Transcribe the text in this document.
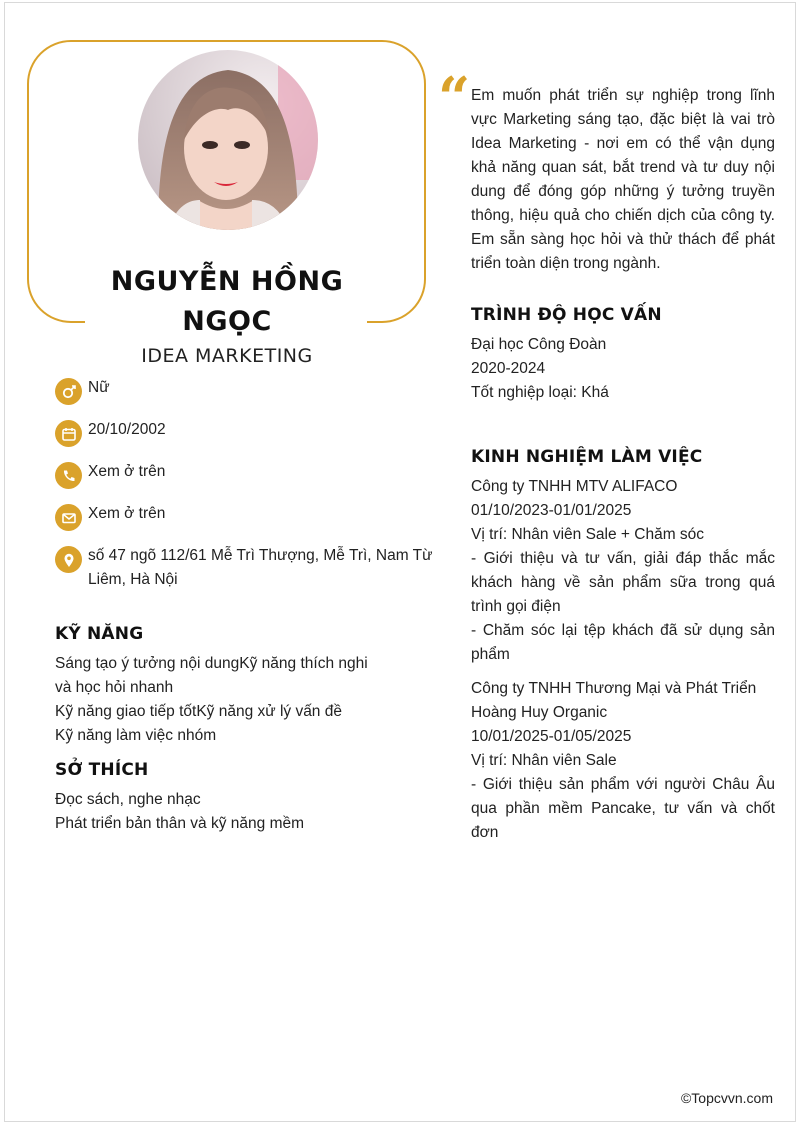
NGUYỄN HỒNG
NGỌC
IDEA MARKETING
Nữ
20/10/2002
Xem ở trên
Xem ở trên
số 47 ngõ 112/61 Mễ Trì Thượng, Mễ Trì, Nam Từ Liêm, Hà Nội
KỸ NĂNG
Sáng tạo ý tưởng nội dungKỹ năng thích nghi
và học hỏi nhanh
Kỹ năng giao tiếp tốtKỹ năng xử lý vấn đề
Kỹ năng làm việc nhóm
SỞ THÍCH
Đọc sách, nghe nhạc
Phát triển bản thân và kỹ năng mềm
“ Em muốn phát triển sự nghiệp trong lĩnh vực Marketing sáng tạo, đặc biệt là vai trò Idea Marketing - nơi em có thể vận dụng khả năng quan sát, bắt trend và tư duy nội dung để đóng góp những ý tưởng truyền thông, hiệu quả cho chiến dịch của công ty. Em sẵn sàng học hỏi và thử thách để phát triển toàn diện trong ngành.
TRÌNH ĐỘ HỌC VẤN
Đại học Công Đoàn
2020-2024
Tốt nghiệp loại: Khá
KINH NGHIỆM LÀM VIỆC
Công ty TNHH MTV ALIFACO
01/10/2023-01/01/2025
Vị trí: Nhân viên Sale + Chăm sóc
- Giới thiệu và tư vấn, giải đáp thắc mắc khách hàng về sản phẩm sữa trong quá trình gọi điện
- Chăm sóc lại tệp khách đã sử dụng sản phẩm
Công ty TNHH Thương Mại và Phát Triển Hoàng Huy Organic
10/01/2025-01/05/2025
Vị trí: Nhân viên Sale
- Giới thiệu sản phẩm với người Châu Âu qua phần mềm Pancake, tư vấn và chốt đơn
©Topcvvn.com
